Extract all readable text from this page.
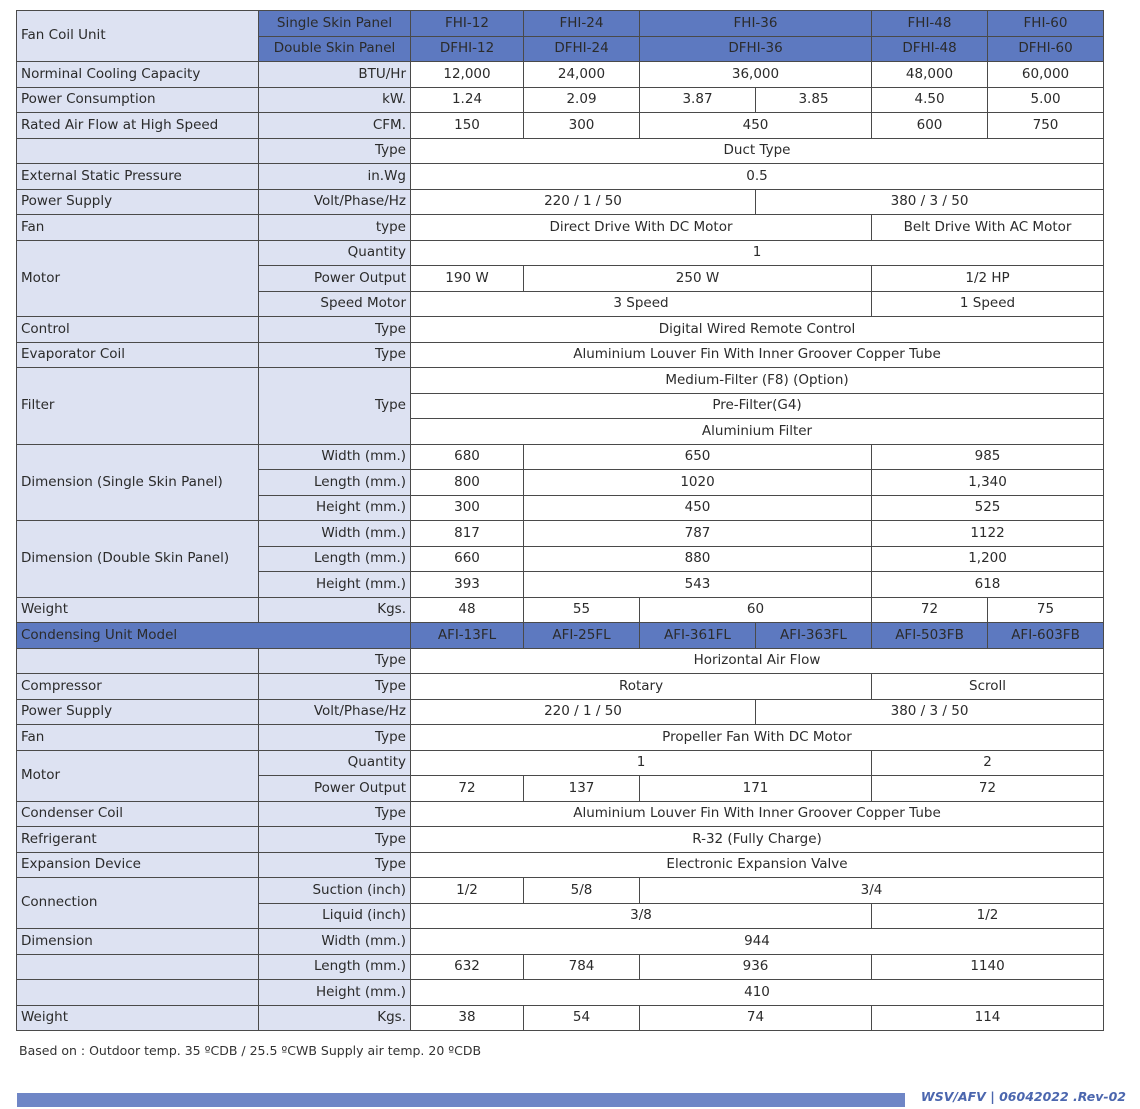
Fan Coil Unit	Single Skin Panel	FHI-12	FHI-24	FHI-36		FHI-48	FHI-60
	Double Skin Panel	DFHI-12	DFHI-24	DFHI-36		DFHI-48	DFHI-60
Norminal Cooling Capacity	BTU/Hr	12,000	24,000	36,000		48,000	60,000
Power Consumption	kW.	1.24	2.09	3.87	3.85	4.50	5.00
Rated Air Flow at High Speed	CFM.	150	300	450		600	750
	Type	Duct Type					
External Static Pressure	in.Wg	0.5					
Power Supply	Volt/Phase/Hz	220 / 1 / 50			380 / 3 / 50		
Fan	type	Direct Drive With DC Motor				Belt Drive With AC Motor	
Motor	Quantity	1					
	Power Output	190 W	250 W			1/2 HP	
	Speed Motor	3 Speed				1 Speed	
Control	Type	Digital Wired Remote Control					
Evaporator Coil	Type	Aluminium Louver Fin With Inner Groover Copper Tube					
Filter	Type	Medium-Filter (F8) (Option)					
		Pre-Filter(G4)					
		Aluminium Filter					
Dimension (Single Skin Panel)	Width (mm.)	680	650			985	
	Length (mm.)	800	1020			1,340	
	Height (mm.)	300	450			525	
Dimension (Double Skin Panel)	Width (mm.)	817	787			1122	
	Length (mm.)	660	880			1,200	
	Height (mm.)	393	543			618	
Weight	Kgs.	48	55	60		72	75
Condensing Unit Model		AFI-13FL	AFI-25FL	AFI-361FL	AFI-363FL	AFI-503FB	AFI-603FB
	Type	Horizontal Air Flow					
Compressor	Type	Rotary				Scroll	
Power Supply	Volt/Phase/Hz	220 / 1 / 50			380 / 3 / 50		
Fan	Type	Propeller Fan With DC Motor					
Motor	Quantity	1				2	
	Power Output	72	137	171		72	
Condenser Coil	Type	Aluminium Louver Fin With Inner Groover Copper Tube					
Refrigerant	Type	R-32 (Fully Charge)					
Expansion Device	Type	Electronic Expansion Valve					
Connection	Suction (inch)	1/2	5/8	3/4			
	Liquid (inch)	3/8				1/2	
Dimension	Width (mm.)	944					
	Length (mm.)	632	784	936		1140	
	Height (mm.)	410					
Weight	Kgs.	38	54	74		114	
Based on : Outdoor temp. 35 ºCDB / 25.5 ºCWB Supply air temp. 20 ºCDB
WSV/AFV | 06042022 .Rev-02
